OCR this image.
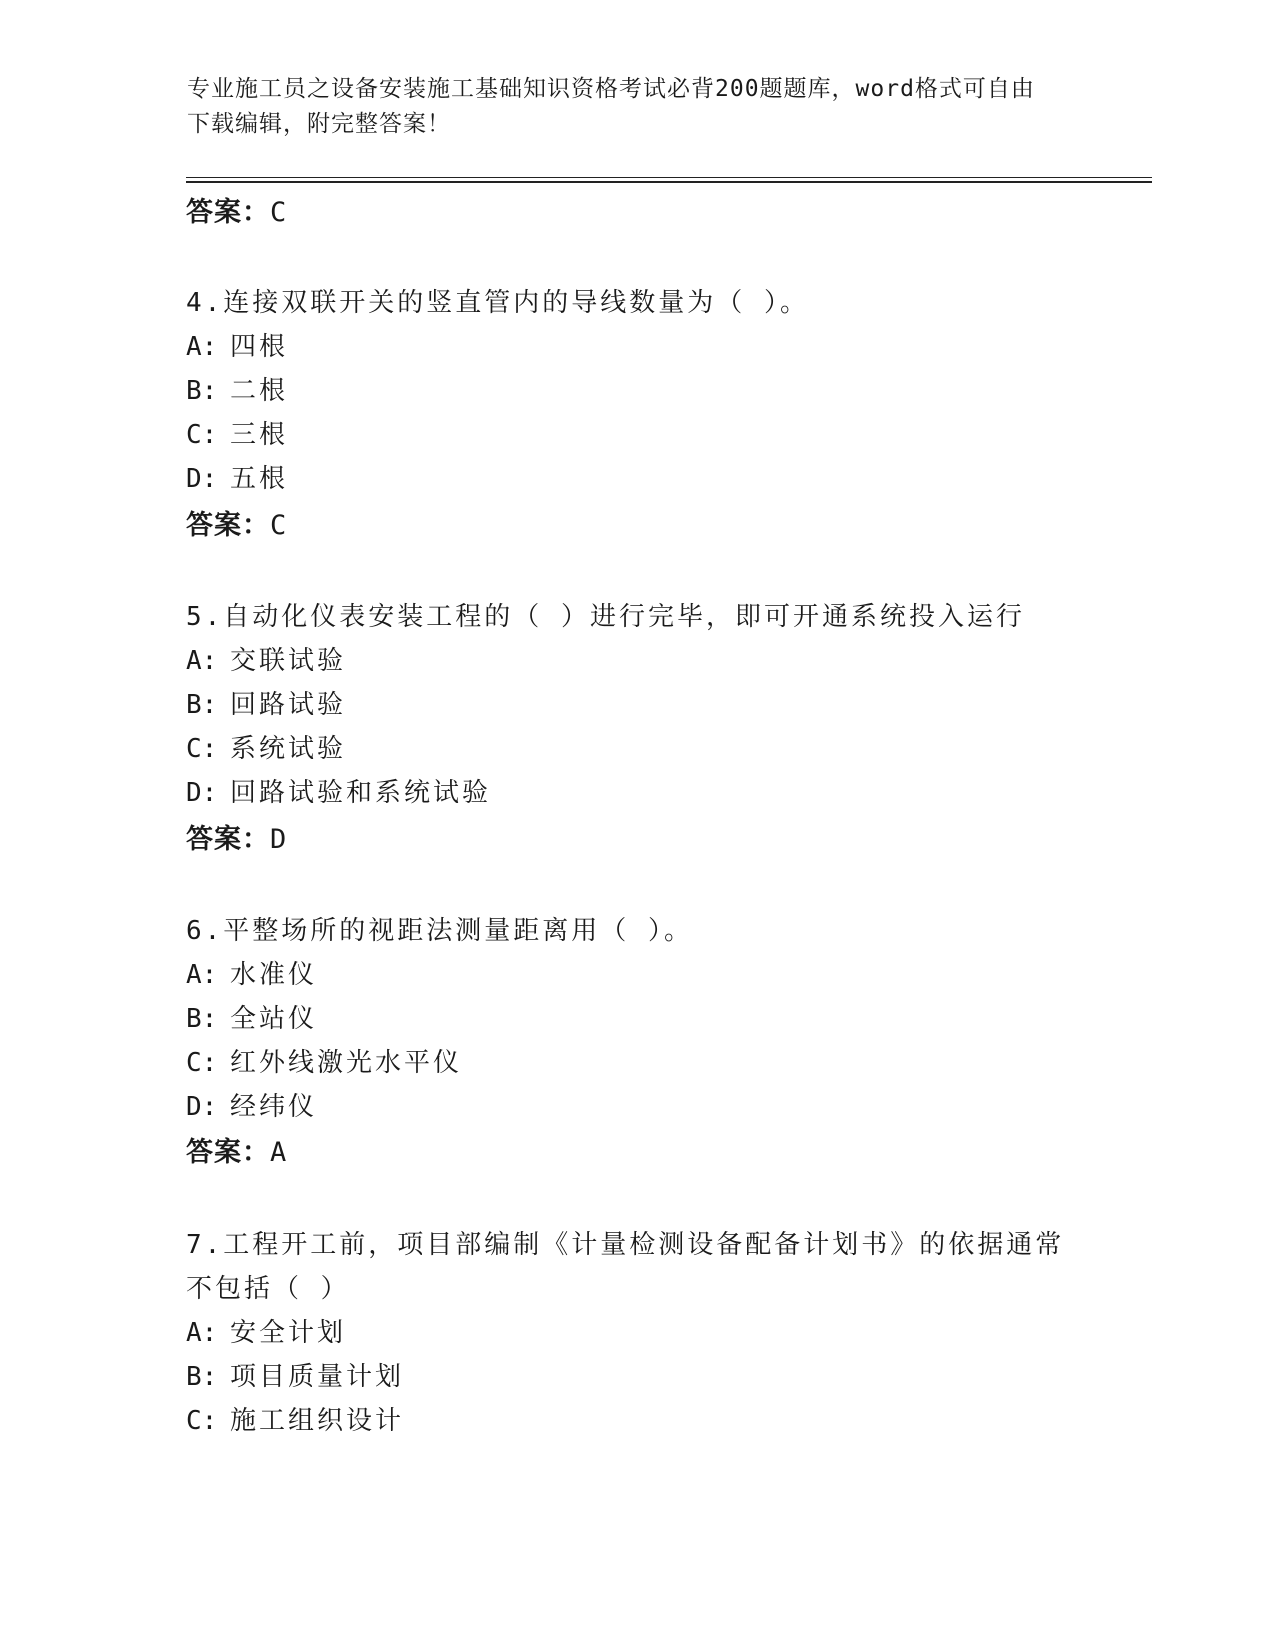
专业施工员之设备安装施工基础知识资格考试必背200题题库，word格式可自由
下载编辑，附完整答案！
答案：C
4.连接双联开关的竖直管内的导线数量为（ ）。
A: 四根
B: 二根
C: 三根
D: 五根
答案：C
5.自动化仪表安装工程的（ ）进行完毕，即可开通系统投入运行
A: 交联试验
B: 回路试验
C: 系统试验
D: 回路试验和系统试验
答案：D
6.平整场所的视距法测量距离用（ ）。
A: 水准仪
B: 全站仪
C: 红外线激光水平仪
D: 经纬仪
答案：A
7.工程开工前，项目部编制《计量检测设备配备计划书》的依据通常
不包括（ ）
A: 安全计划
B: 项目质量计划
C: 施工组织设计
